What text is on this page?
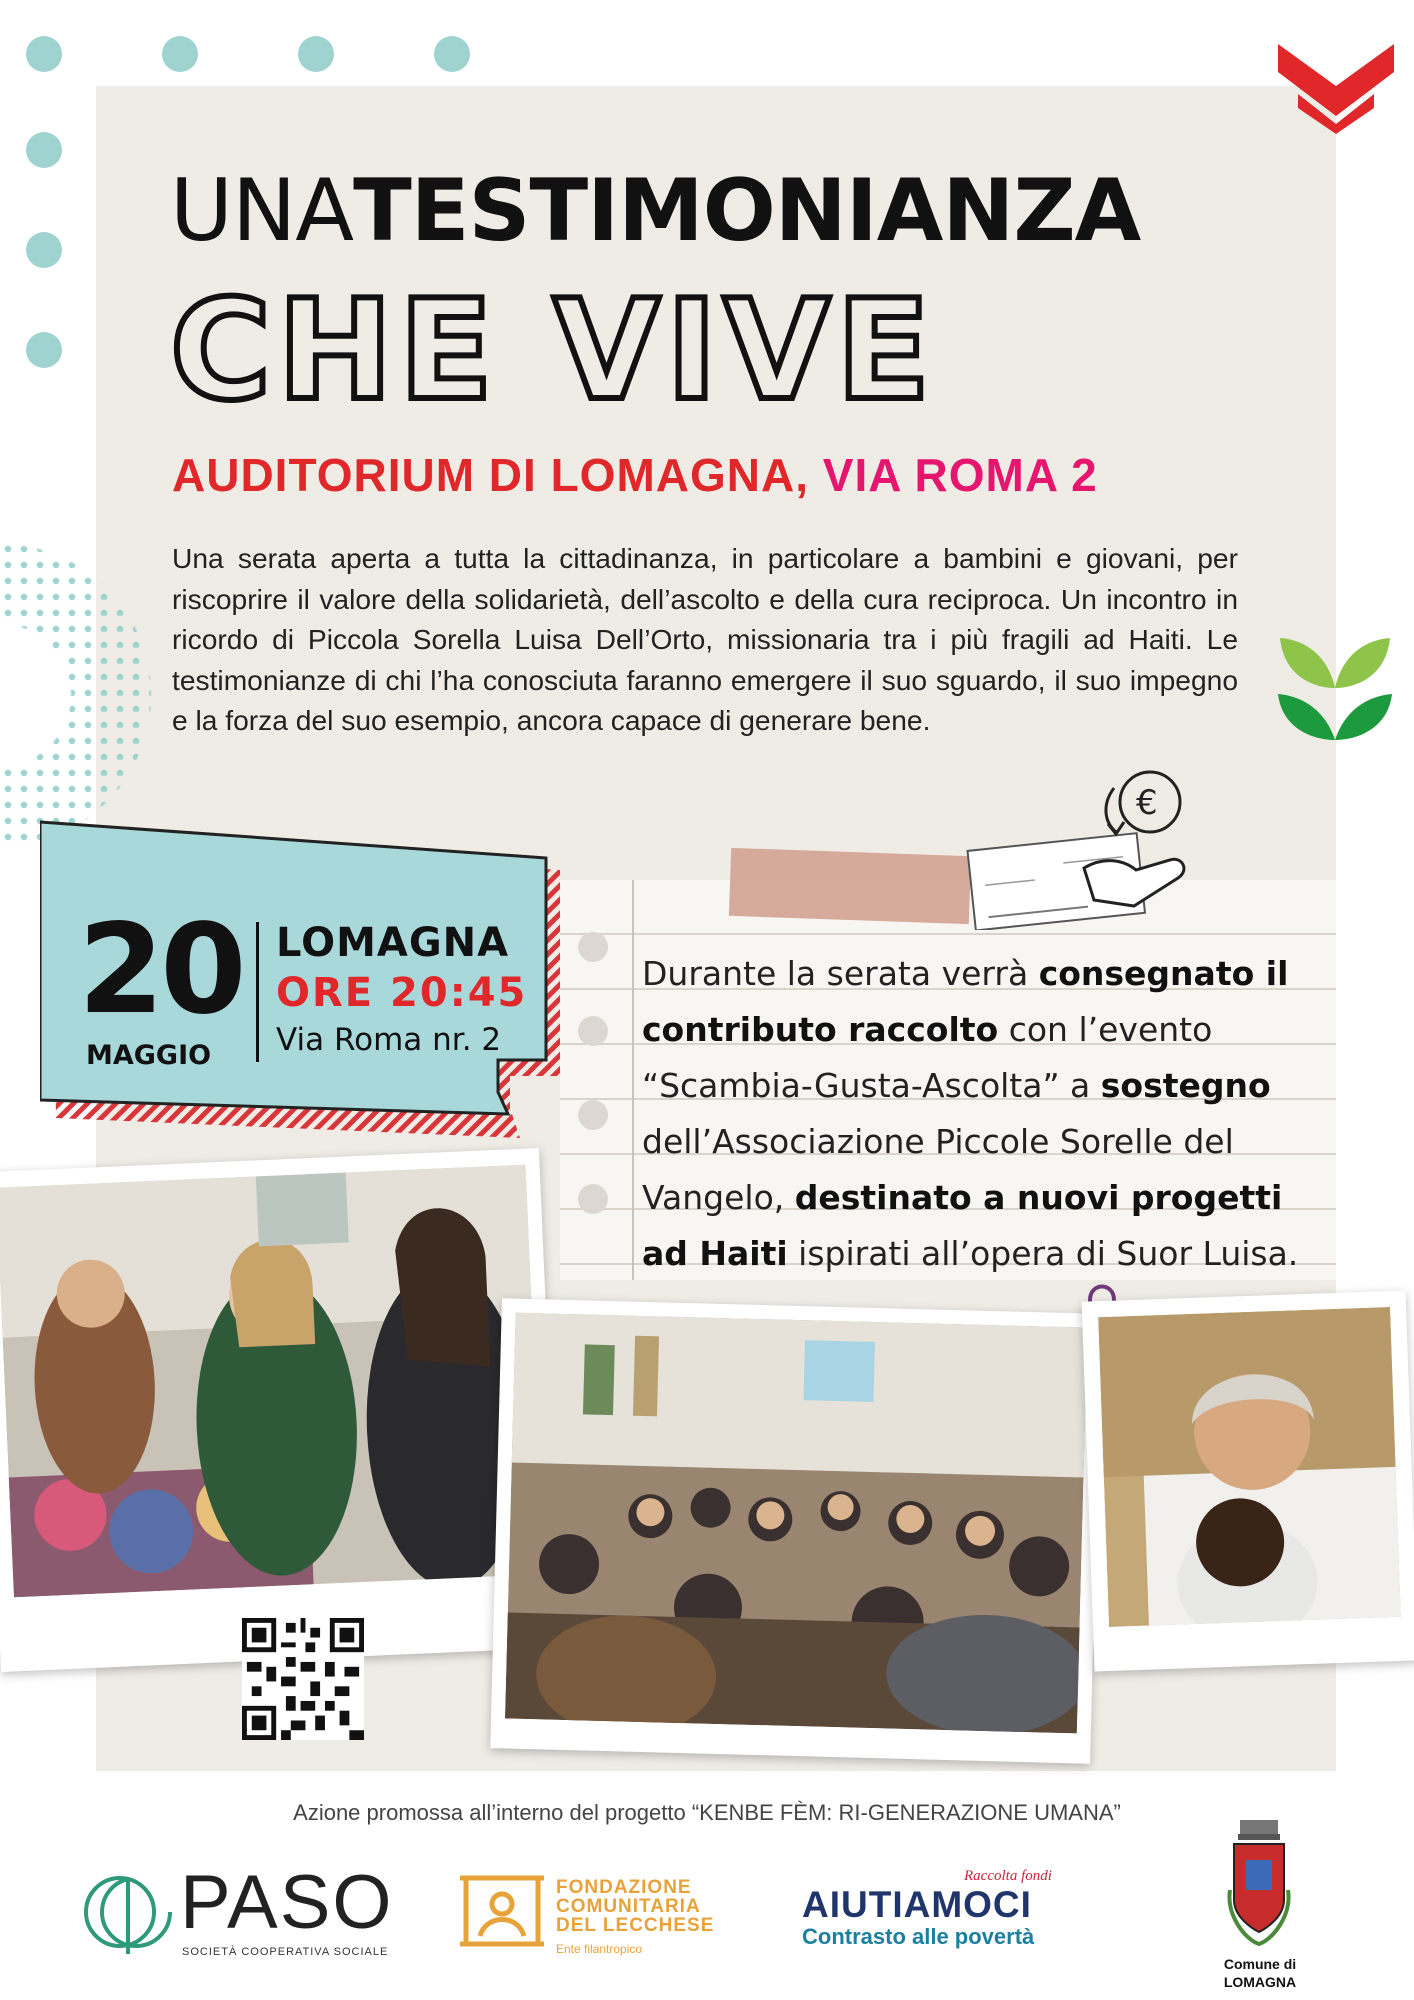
UNATESTIMONIANZA
CHE VIVE
AUDITORIUM DI LOMAGNA, VIA ROMA 2
Una serata aperta a tutta la cittadinanza, in particolare a bambini e giovani, per riscoprire il valore della solidarietà, dell’ascolto e della cura reciproca. Un incontro in ricordo di Piccola Sorella Luisa Dell’Orto, missionaria tra i più fragili ad Haiti. Le testimonianze di chi l’ha conosciuta faranno emergere il suo sguardo, il suo impegno e la forza del suo esempio, ancora capace di generare bene.
20
MAGGIO
LOMAGNA
ORE 20:45
Via Roma nr. 2
€
Durante la serata verrà consegnato il contributo raccolto con l’evento “Scambia-Gusta-Ascolta” a sostegno dell’Associazione Piccole Sorelle del Vangelo, destinato a nuovi progetti ad Haiti ispirati all’opera di Suor Luisa.
Azione promossa all’interno del progetto “KENBE FÈM: RI-GENERAZIONE UMANA”
PASO
SOCIETÀ COOPERATIVA SOCIALE
FONDAZIONE
COMUNITARIA
DEL LECCHESE
Ente filantropico
Raccolta fondi
AIUTIAMOCI
Contrasto alle povertà
Comune di
LOMAGNA
